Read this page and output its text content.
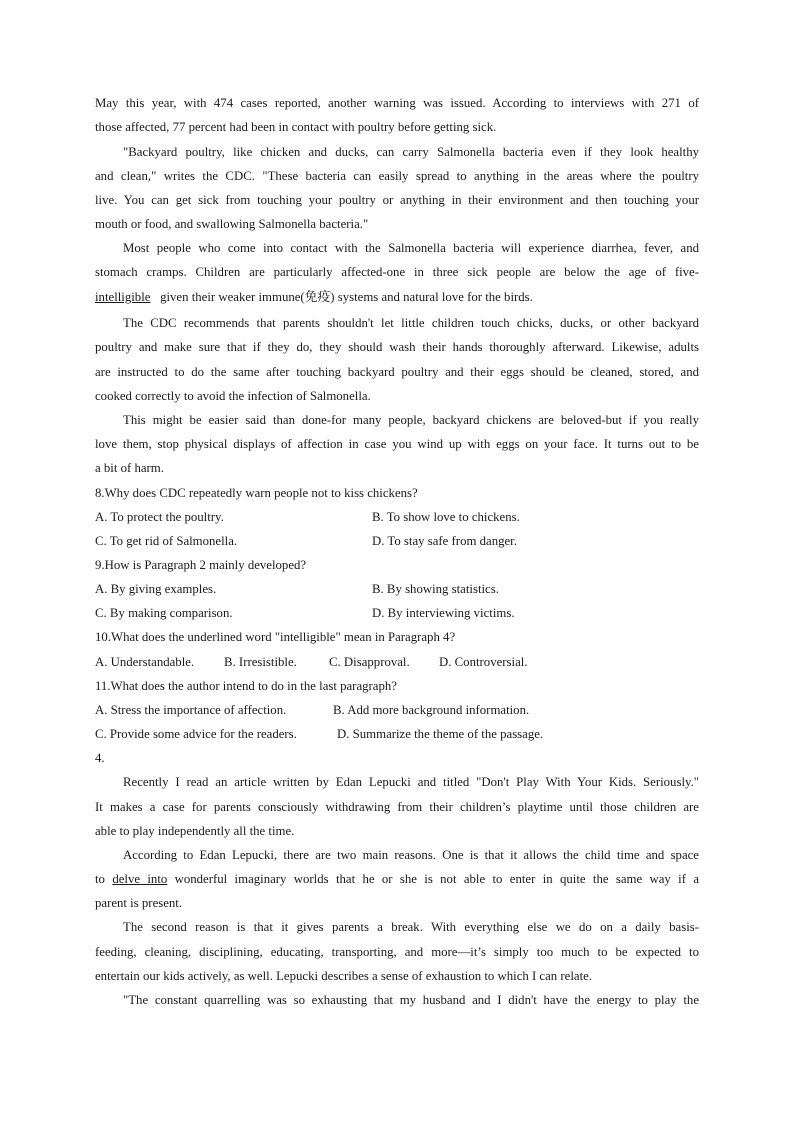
May this year, with 474 cases reported, another warning was issued. According to interviews with 271 of
those affected, 77 percent had been in contact with poultry before getting sick.
"Backyard poultry, like chicken and ducks, can carry Salmonella bacteria even if they look healthy
and clean," writes the CDC. "These bacteria can easily spread to anything in the areas where the poultry
live. You can get sick from touching your poultry or anything in their environment and then touching your
mouth or food, and swallowing Salmonella bacteria."
Most people who come into contact with the Salmonella bacteria will experience diarrhea, fever, and
stomach cramps. Children are particularly affected-one in three sick people are below the age of five-
intelligible given their weaker immune(免疫) systems and natural love for the birds.
The CDC recommends that parents shouldn't let little children touch chicks, ducks, or other backyard
poultry and make sure that if they do, they should wash their hands thoroughly afterward. Likewise, adults
are instructed to do the same after touching backyard poultry and their eggs should be cleaned, stored, and
cooked correctly to avoid the infection of Salmonella.
This might be easier said than done-for many people, backyard chickens are beloved-but if you really
love them, stop physical displays of affection in case you wind up with eggs on your face. It turns out to be
a bit of harm.
8.Why does CDC repeatedly warn people not to kiss chickens?
A. To protect the poultry.	B. To show love to chickens.
C. To get rid of Salmonella.	D. To stay safe from danger.
9.How is Paragraph 2 mainly developed?
A. By giving examples.	B. By showing statistics.
C. By making comparison.	D. By interviewing victims.
10.What does the underlined word "intelligible" mean in Paragraph 4?
A. Understandable. B. Irresistible.	C. Disapproval. D. Controversial.
11.What does the author intend to do in the last paragraph?
A. Stress the importance of affection.	B. Add more background information.
C. Provide some advice for the readers.	D. Summarize the theme of the passage.
4.
Recently I read an article written by Edan Lepucki and titled "Don't Play With Your Kids. Seriously."
It makes a case for parents consciously withdrawing from their children’s playtime until those children are
able to play independently all the time.
According to Edan Lepucki, there are two main reasons. One is that it allows the child time and space
to delve into wonderful imaginary worlds that he or she is not able to enter in quite the same way if a
parent is present.
The second reason is that it gives parents a break. With everything else we do on a daily basis-
feeding, cleaning, disciplining, educating, transporting, and more—it’s simply too much to be expected to
entertain our kids actively, as well. Lepucki describes a sense of exhaustion to which I can relate.
"The constant quarrelling was so exhausting that my husband and I didn't have the energy to play the
